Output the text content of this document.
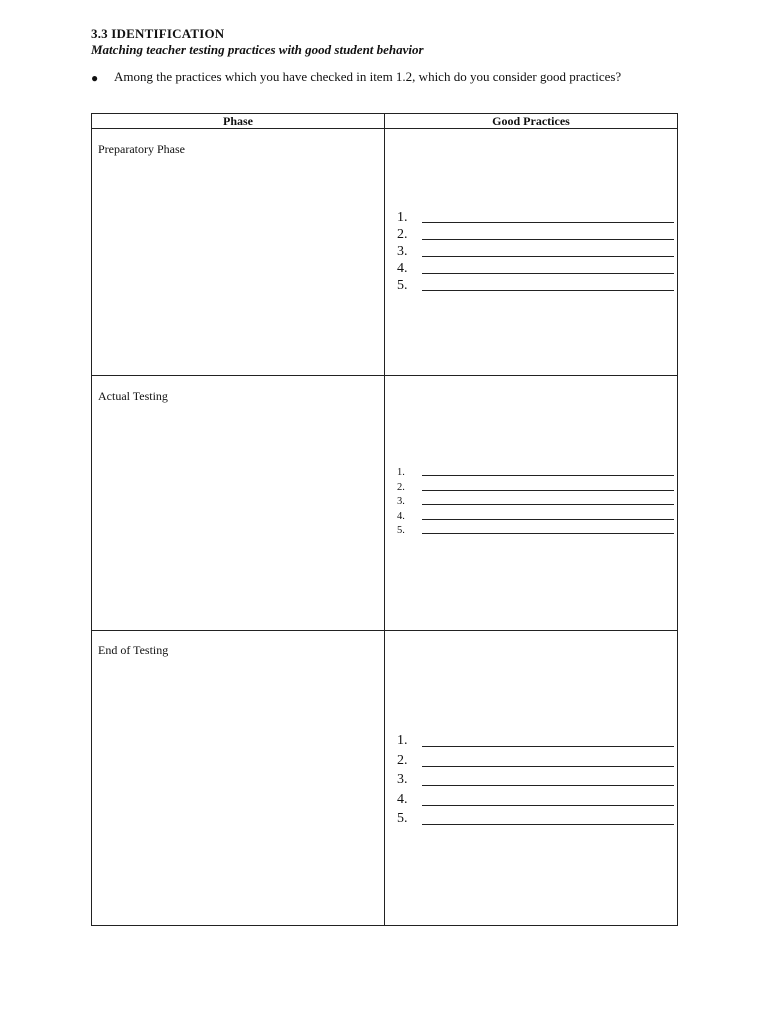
3.3 IDENTIFICATION
Matching teacher testing practices with good student behavior
● Among the practices which you have checked in item 1.2, which do you consider good practices?
Phase	Good Practices
Preparatory Phase
1.
2.
3.
4.
5.
Actual Testing
1.
2.
3.
4.
5.
End of Testing
1.
2.
3.
4.
5.
